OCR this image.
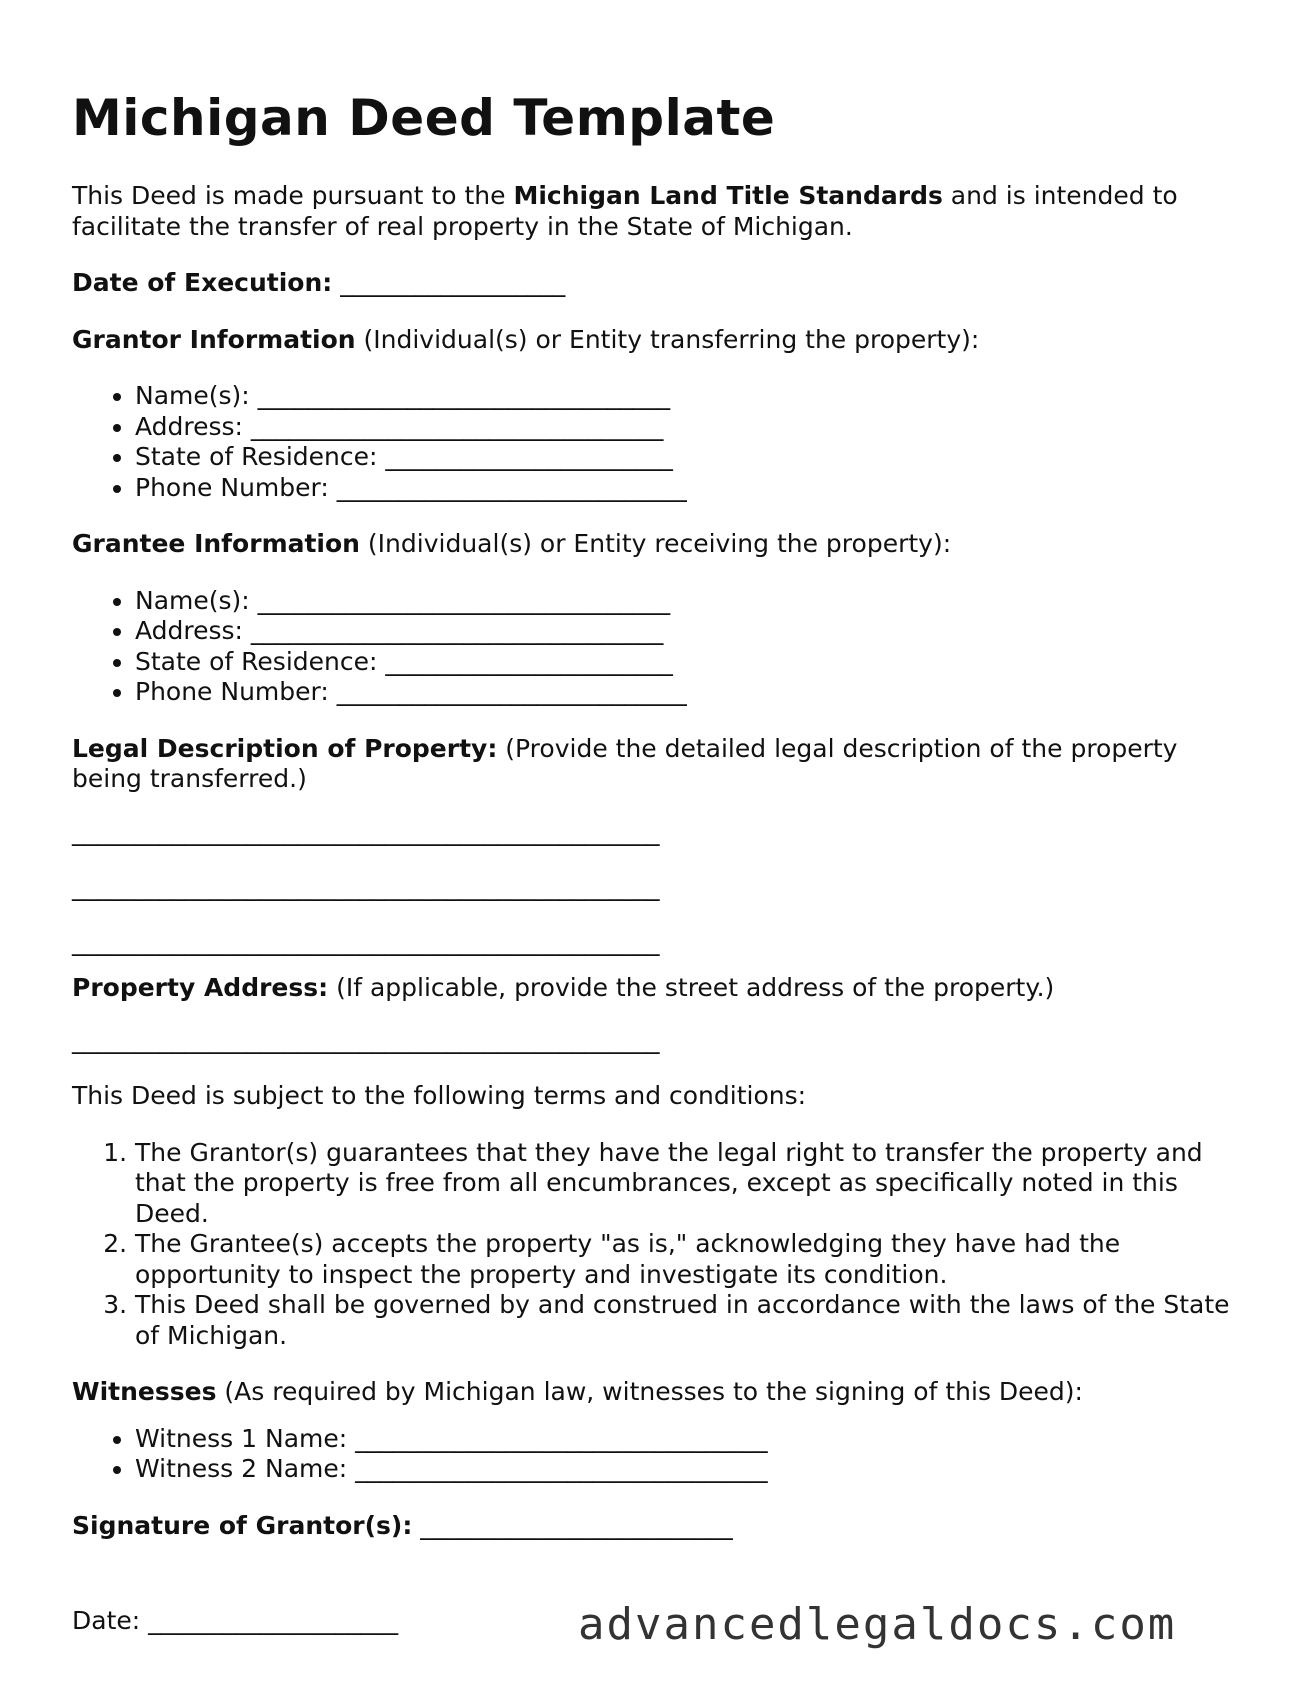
Michigan Deed Template

This Deed is made pursuant to the Michigan Land Title Standards and is intended to facilitate the transfer of real property in the State of Michigan.

Date of Execution: __________________

Grantor Information (Individual(s) or Entity transferring the property):

• Name(s): _________________________________
• Address: _________________________________
• State of Residence: _______________________
• Phone Number: ____________________________

Grantee Information (Individual(s) or Entity receiving the property):

• Name(s): _________________________________
• Address: _________________________________
• State of Residence: _______________________
• Phone Number: ____________________________

Legal Description of Property: (Provide the detailed legal description of the property being transferred.)

_______________________________________________
_______________________________________________
_______________________________________________

Property Address: (If applicable, provide the street address of the property.)

_______________________________________________

This Deed is subject to the following terms and conditions:

1. The Grantor(s) guarantees that they have the legal right to transfer the property and that the property is free from all encumbrances, except as specifically noted in this Deed.
2. The Grantee(s) accepts the property "as is," acknowledging they have had the opportunity to inspect the property and investigate its condition.
3. This Deed shall be governed by and construed in accordance with the laws of the State of Michigan.

Witnesses (As required by Michigan law, witnesses to the signing of this Deed):

• Witness 1 Name: _________________________________
• Witness 2 Name: _________________________________

Signature of Grantor(s): _________________________

Date: ____________________	advancedlegaldocs.com
